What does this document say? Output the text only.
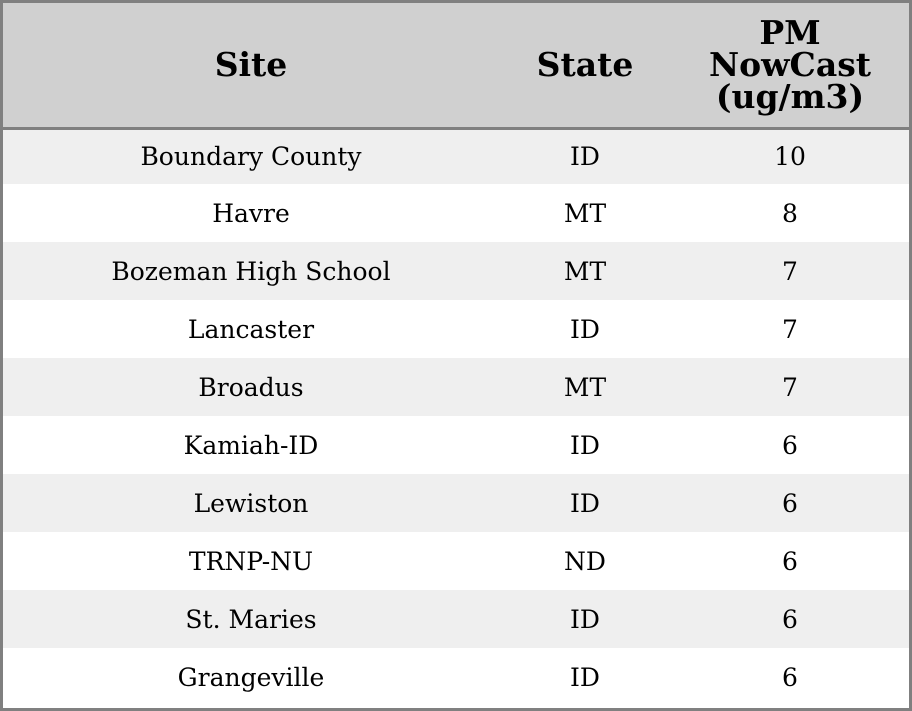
Site	State	PM
NowCast
(ug/m3)
Boundary County	ID	10
Havre	MT	8
Bozeman High School	MT	7
Lancaster	ID	7
Broadus	MT	7
Kamiah-ID	ID	6
Lewiston	ID	6
TRNP-NU	ND	6
St. Maries	ID	6
Grangeville	ID	6
